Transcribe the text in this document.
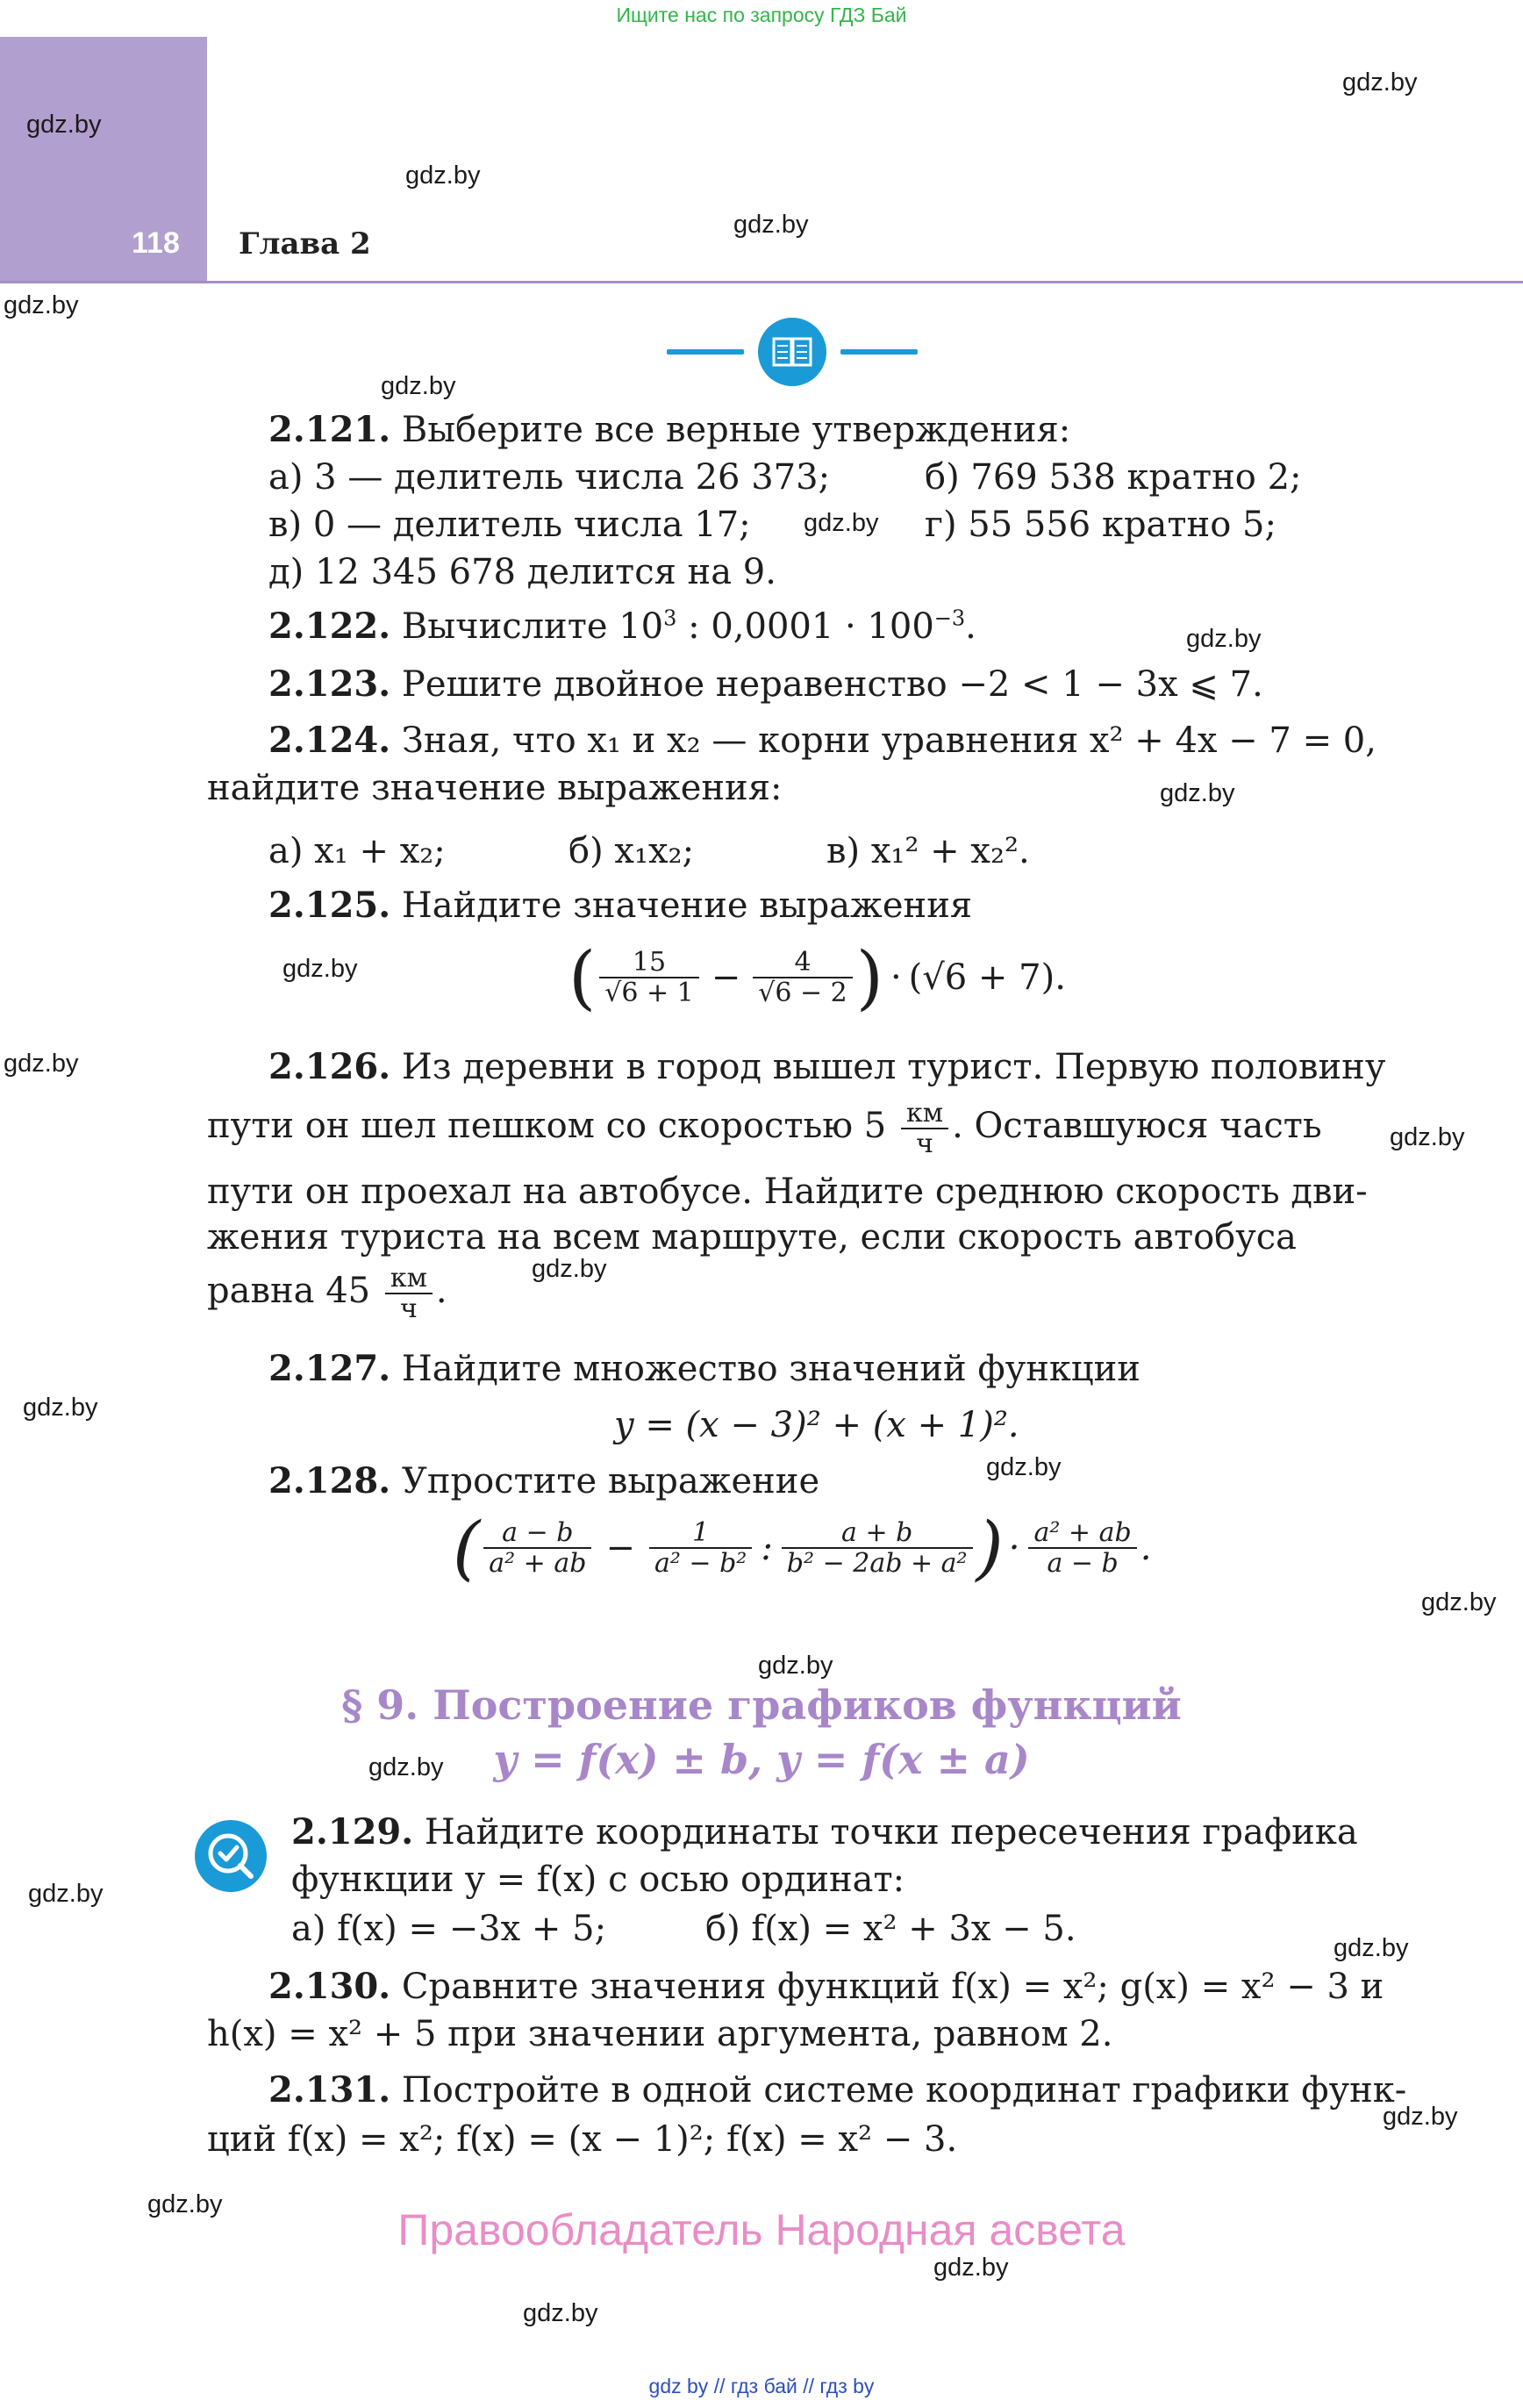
Ищите нас по запросу ГДЗ Бай
118 Глава 2
2.121. Выберите все верные утверждения:
а) 3 — делитель числа 26 373;	б) 769 538 кратно 2;
в) 0 — делитель числа 17;	г) 55 556 кратно 5;
д) 12 345 678 делится на 9.
2.122. Вычислите $10^3$ : $0,0001 \cdot 100^{-3}$.
2.123. Решите двойное неравенство −2 < 1 − 3x ⩽ 7.
2.124. Зная, что x₁ и x₂ — корни уравнения x² + 4x − 7 = 0,
найдите значение выражения:
а) x₁ + x₂;	б) x₁x₂;	в) x₁² + x₂².
2.125. Найдите значение выражения
( $\frac{15}{√6 + 1} - \frac{4}{√6 - 2}$ ) · (√6 + 7).
2.126. Из деревни в город вышел турист. Первую половину
пути он шел пешком со скоростью $5 \frac{км}{ч}$ . Оставшуюся часть
пути он проехал на автобусе. Найдите среднюю скорость дви-
жения туриста на всем маршруте, если скорость автобуса
равна $45 \frac{км}{ч}$ .
2.127. Найдите множество значений функции
y = (x − 3)² + (x + 1)².
2.128. Упростите выражение
( $\frac{a - b}{\text{a² + ab}} - \frac{1}{\text{a² − b²}}$ : $\frac{a + b}{\text{b² − 2ab + a²}}$ ) · $\frac{\text{a² + ab}}{a - b}$ .
§ 9. Построение графиков функций
y = f(x) ± b, y = f(x ± a)
2.129. Найдите координаты точки пересечения графика
функции y = f(x) с осью ординат:
а) f(x) = −3x + 5;	б) f(x) = x² + 3x − 5.
2.130. Сравните значения функций f(x) = x²; g(x) = x² − 3 и
h(x) = x² + 5 при значении аргумента, равном 2.
2.131. Постройте в одной системе координат графики функ-
ций f(x) = x²; f(x) = (x − 1)²; f(x) = x² − 3.
Правообладатель Народная асвета
gdz by // гдз бай // гдз by
gdz.by
gdz.by
gdz.by
gdz.by
gdz.by
gdz.by
gdz.by
gdz.by
gdz.by
gdz.by
gdz.by
gdz.by
gdz.by
gdz.by
gdz.by
gdz.by
gdz.by
gdz.by
gdz.by
gdz.by
gdz.by
gdz.by
gdz.by
gdz.by
